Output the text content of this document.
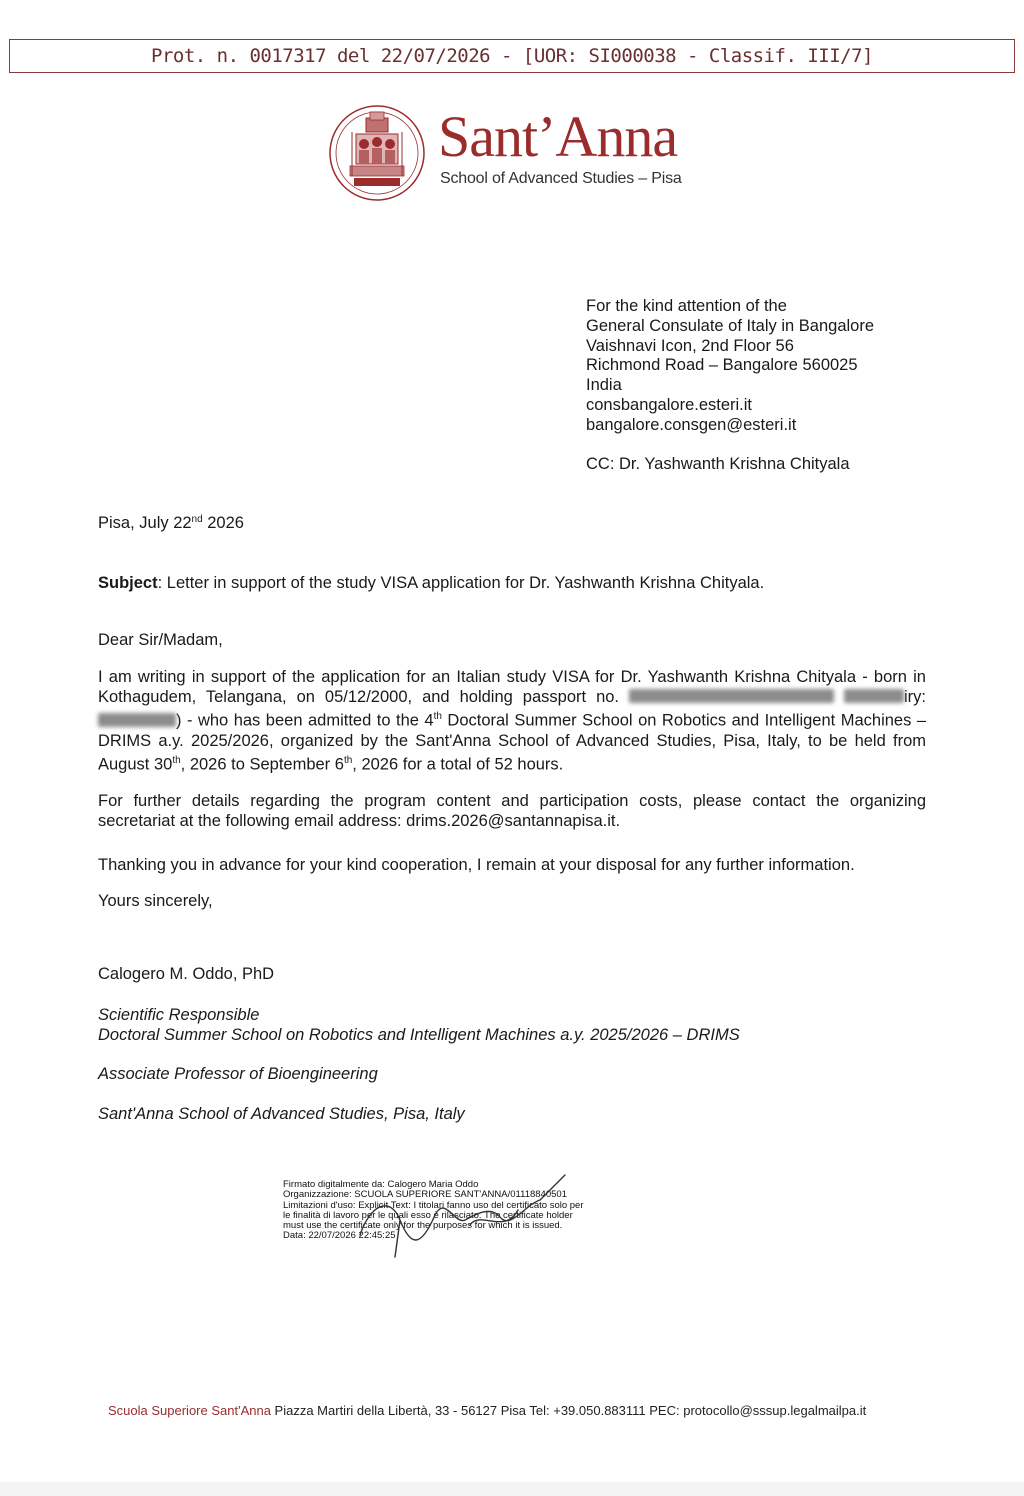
Prot. n. 0017317 del 22/07/2026 - [UOR: SI000038 - Classif. III/7]
Sant’Anna
School of Advanced Studies – Pisa
For the kind attention of the
General Consulate of Italy in Bangalore
Vaishnavi Icon, 2nd Floor 56
Richmond Road – Bangalore 560025
India
consbangalore.esteri.it
bangalore.consgen@esteri.it
CC: Dr. Yashwanth Krishna Chityala
Pisa, July 22nd 2026
Subject: Letter in support of the study VISA application for Dr. Yashwanth Krishna Chityala.
Dear Sir/Madam,
I am writing in support of the application for an Italian study VISA for Dr. Yashwanth Krishna Chityala - born in Kothagudem, Telangana, on 05/12/2000, and holding passport no.	iry: ) - who has been admitted to the 4th Doctoral Summer School on Robotics and Intelligent Machines – DRIMS a.y. 2025/2026, organized by the Sant'Anna School of Advanced Studies, Pisa, Italy, to be held from August 30th, 2026 to September 6th, 2026 for a total of 52 hours.
For further details regarding the program content and participation costs, please contact the organizing secretariat at the following email address: drims.2026@santannapisa.it.
Thanking you in advance for your kind cooperation, I remain at your disposal for any further information.
Yours sincerely,
Calogero M. Oddo, PhD
Scientific Responsible
Doctoral Summer School on Robotics and Intelligent Machines a.y. 2025/2026 – DRIMS
Associate Professor of Bioengineering
Sant'Anna School of Advanced Studies, Pisa, Italy
Firmato digitalmente da: Calogero Maria Oddo
Organizzazione: SCUOLA SUPERIORE SANT'ANNA/01118840501
Limitazioni d'uso: Explicit Text: I titolari fanno uso del certificato solo per
le finalità di lavoro per le quali esso è rilasciato. The certificate holder
must use the certificate only for the purposes for which it is issued.
Data: 22/07/2026 22:45:25
Scuola Superiore Sant'Anna Piazza Martiri della Libertà, 33 - 56127 Pisa Tel: +39.050.883111 PEC: protocollo@sssup.legalmailpa.it
